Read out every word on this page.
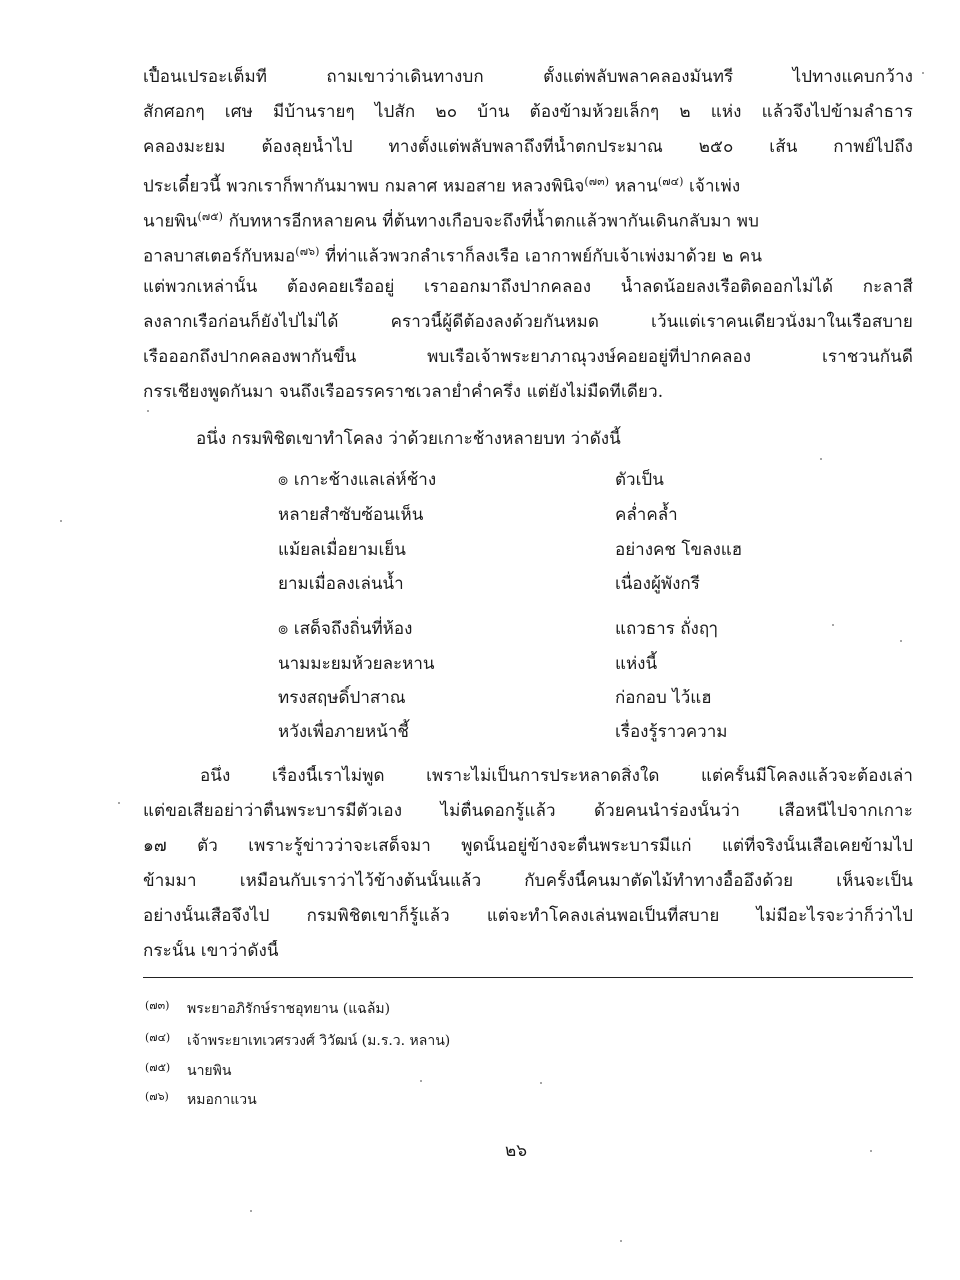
เปื้อนเปรอะเต็มที ถามเขาว่าเดินทางบก ตั้งแต่พลับพลาคลองมันทรี ไปทางแคบกว้าง
สักศอกๆ เศษ มีบ้านรายๆ ไปสัก ๒๐ บ้าน ต้องข้ามห้วยเล็กๆ ๒ แห่ง แล้วจึงไปข้ามลำธาร
คลองมะยม ต้องลุยน้ำไป ทางตั้งแต่พลับพลาถึงที่น้ำตกประมาณ ๒๕๐ เส้น กาพย์ไปถึง
ประเดี๋ยวนี้ พวกเราก็พากันมาพบ กมลาศ หมอสาย หลวงพินิจ$^{(๗๓)}$ หลาน$^{(๗๔)}$ เจ้าเพ่ง
นายพิน$^{(๗๕)}$ กับทหารอีกหลายคน ที่ต้นทางเกือบจะถึงที่น้ำตกแล้วพากันเดินกลับมา พบ
อาลบาสเตอร์กับหมอ$^{(๗๖)}$ ที่ท่าแล้วพวกลำเราก็ลงเรือ เอากาพย์กับเจ้าเพ่งมาด้วย ๒ คน
แต่พวกเหล่านั้น ต้องคอยเรืออยู่ เราออกมาถึงปากคลอง น้ำลดน้อยลงเรือติดออกไม่ได้ กะลาสี
ลงลากเรือก่อนก็ยังไปไม่ได้ คราวนี้ผู้ดีต้องลงด้วยกันหมด เว้นแต่เราคนเดียวนั่งมาในเรือสบาย
เรือออกถึงปากคลองพากันขึ้น พบเรือเจ้าพระยาภาณุวงษ์คอยอยู่ที่ปากคลอง เราชวนกันดี
กรรเชียงพูดกันมา จนถึงเรืออรรคราชเวลาย่ำค่ำครึ่ง แต่ยังไม่มืดทีเดียว.
อนึ่ง กรมพิชิตเขาทำโคลง ว่าด้วยเกาะช้างหลายบท ว่าดังนี้
๏ เกาะช้างแลเล่ห์ช้าง	ตัวเป็น
หลายสำซับซ้อนเห็น	คล่ำคล้ำ
แม้ยลเมื่อยามเย็น	อย่างคช โขลงแฮ
ยามเมื่อลงเล่นน้ำ	เนื่องผู้พังกรี
๏ เสด็จถึงถิ่นที่ห้อง	แถวธาร ถั่งฤๅ
นามมะยมห้วยละหาน	แห่งนี้
ทรงสฤษดิ์ปาสาณ	ก่อกอบ ไว้แฮ
หวังเพื่อภายหน้าชี้	เรื่องรู้ราวความ
อนึ่ง เรื่องนี้เราไม่พูด เพราะไม่เป็นการประหลาดสิ่งใด แต่ครั้นมีโคลงแล้วจะต้องเล่า
แต่ขอเสียอย่าว่าตื่นพระบารมีตัวเอง ไม่ตื่นดอกรู้แล้ว ด้วยคนนำร่องนั้นว่า เสือหนีไปจากเกาะ
๑๗ ตัว เพราะรู้ข่าวว่าจะเสด็จมา พูดนั้นอยู่ข้างจะตื่นพระบารมีแก่ แต่ที่จริงนั้นเสือเคยข้ามไป
ข้ามมา เหมือนกับเราว่าไว้ข้างต้นนั้นแล้ว กับครั้งนี้คนมาตัดไม้ทำทางอื้ออึงด้วย เห็นจะเป็น
อย่างนั้นเสือจึงไป กรมพิชิตเขาก็รู้แล้ว แต่จะทำโคลงเล่นพอเป็นที่สบาย ไม่มีอะไรจะว่าก็ว่าไป
กระนั้น เขาว่าดังนี้
(๗๓) พระยาอภิรักษ์ราชอุทยาน (แฉล้ม)
(๗๔) เจ้าพระยาเทเวศรวงศ์ วิวัฒน์ (ม.ร.ว. หลาน)
(๗๕) นายพิน
(๗๖) หมอกาแวน
๒๖
